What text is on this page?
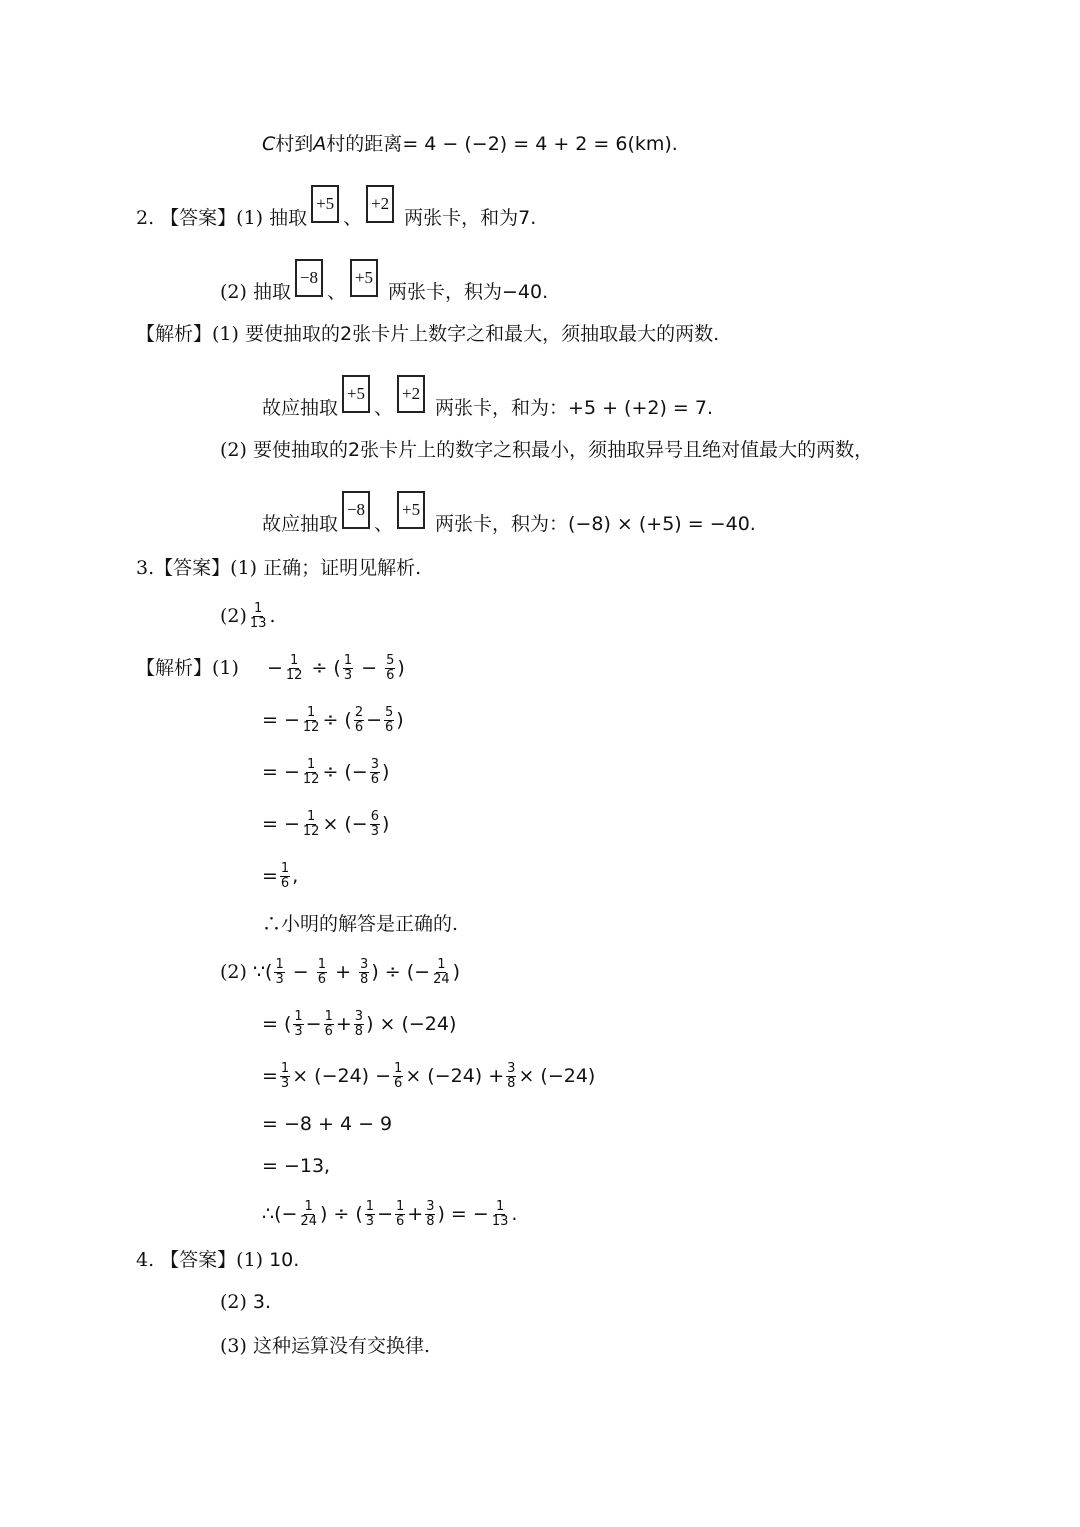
C 村到 A 村的距离 = 4 − (−2) = 4 + 2 = 6(km).
2. 【答案】 (1) 抽取
+5
、
+2
两张卡，和为 7.
(2) 抽取
−8
、
+5
两张卡，积为 −40.
【解析】 (1) 要使抽取的 2 张卡片上数字之和最大，须抽取最大的两数.
故应抽取
+5
、
+2
两张卡，和为： +5 + (+2) = 7.
(2) 要使抽取的 2 张卡片上的数字之积最小，须抽取异号且绝对值最大的两数，
故应抽取
−8
、
+5
两张卡，积为： (−8) × (+5) = −40.
3. 【答案】 (1) 正确；证明见解析.
$(2) \frac{1}{13}$ .
【解析】 $(1) - \frac{1}{12}$ ÷ ( $\frac{1}{3} - \frac{5}{6}$ )
= − $\frac{1}{12}$ ÷ ( $\frac{2}{6} - \frac{5}{6}$ )
= − $\frac{1}{12}$ ÷ (− $\frac{3}{6}$ )
= − $\frac{1}{12}$ × (− $\frac{6}{3}$ )
= $\frac{1}{6}$ ,
∴小明的解答是正确的.
(2) ∵ ( $\frac{1}{3} - \frac{1}{6} + \frac{3}{8}$ ) ÷ (− $\frac{1}{24}$ )
= ( $\frac{1}{3} - \frac{1}{6} + \frac{3}{8}$ ) × (−24)
= $\frac{1}{3} \times (-24) - \frac{1}{6} \times (-24) + \frac{3}{8} \times (-24)$
= −8 + 4 − 9
= −13,
∴(− $\frac{1}{24}$ ) ÷ ( $\frac{1}{3} - \frac{1}{6} + \frac{3}{8}$ ) = − $\frac{1}{13}$ .
4. 【答案】 (1) 10.
(2) 3.
(3) 这种运算没有交换律.
